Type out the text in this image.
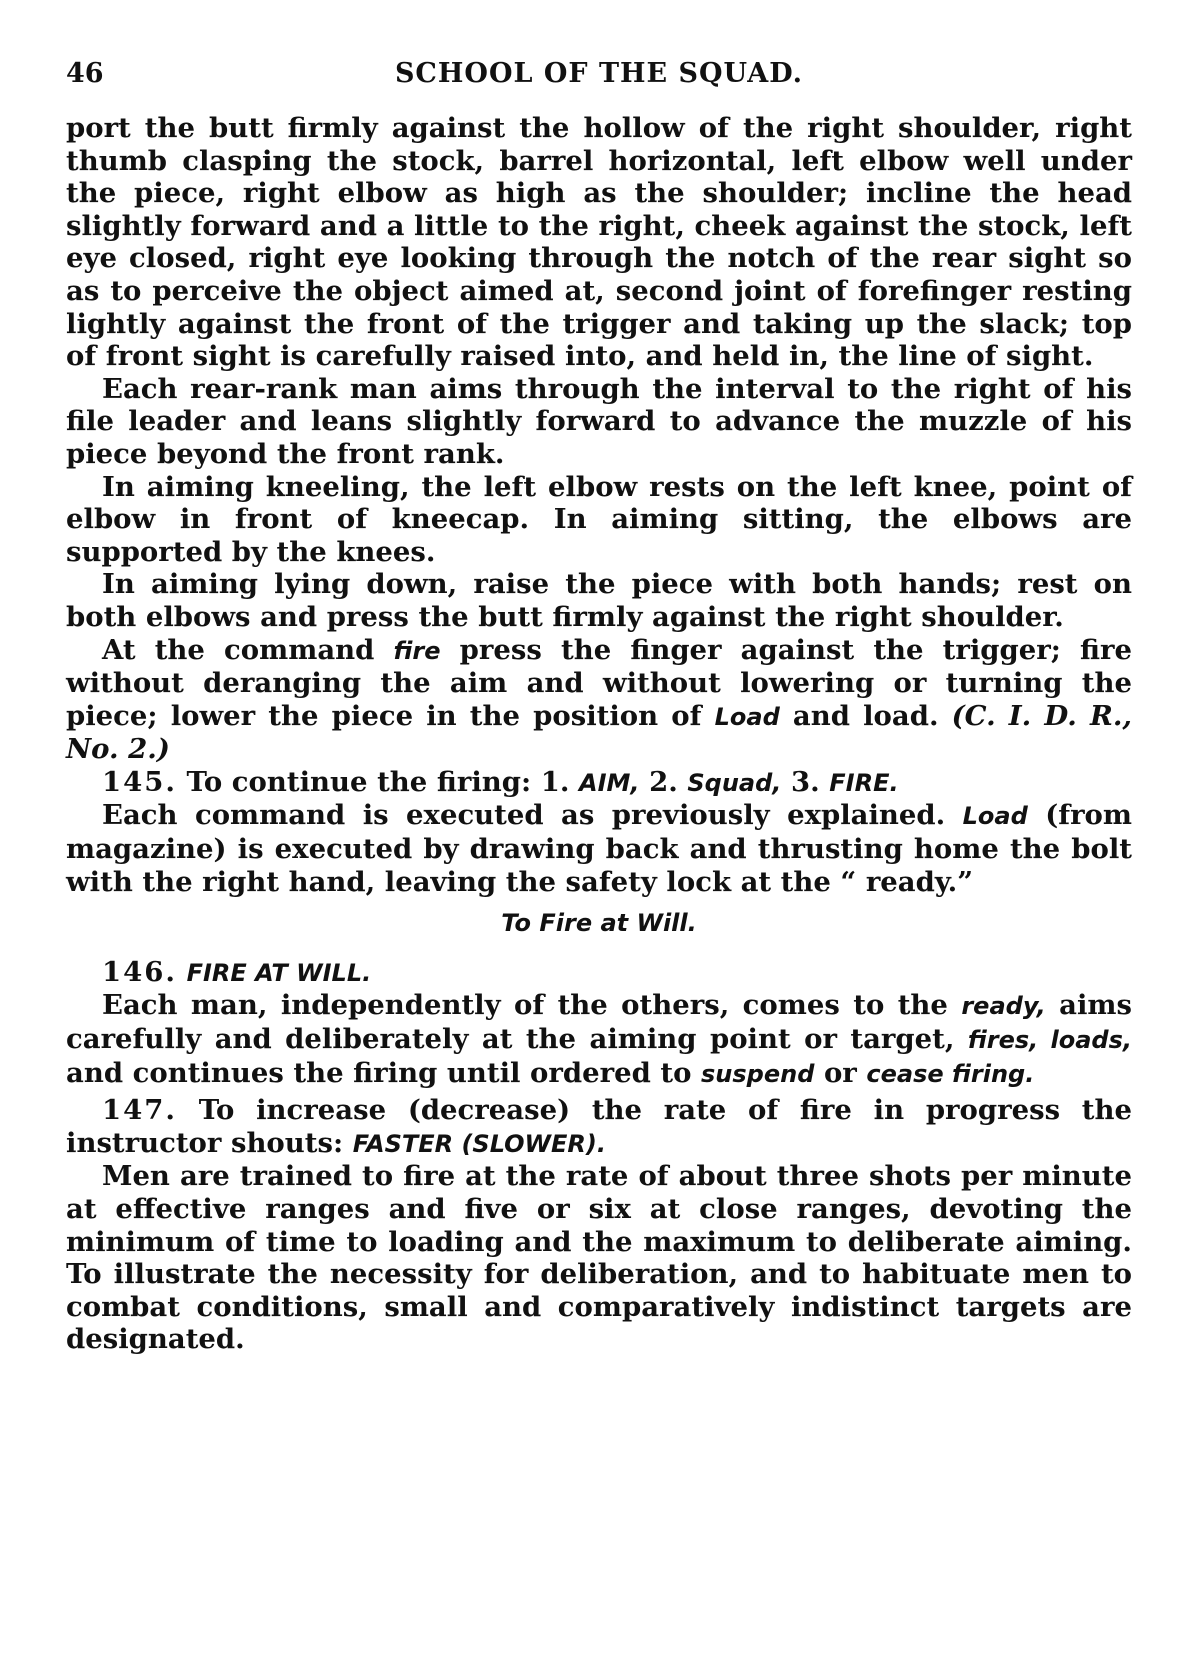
46	SCHOOL OF THE SQUAD.

port the butt firmly against the hollow of the right shoulder, right thumb clasping the stock, barrel horizontal, left elbow well under the piece, right elbow as high as the shoulder; incline the head slightly forward and a little to the right, cheek against the stock, left eye closed, right eye looking through the notch of the rear sight so as to perceive the object aimed at, second joint of forefinger resting lightly against the front of the trigger and taking up the slack; top of front sight is carefully raised into, and held in, the line of sight.

Each rear-rank man aims through the interval to the right of his file leader and leans slightly forward to advance the muzzle of his piece beyond the front rank.

In aiming kneeling, the left elbow rests on the left knee, point of elbow in front of kneecap. In aiming sitting, the elbows are supported by the knees.

In aiming lying down, raise the piece with both hands; rest on both elbows and press the butt firmly against the right shoulder.

At the command fire press the finger against the trigger; fire without deranging the aim and without lowering or turning the piece; lower the piece in the position of Load and load. (C. I. D. R., No. 2.)

145. To continue the firing: 1. AIM, 2. Squad, 3. FIRE.

Each command is executed as previously explained. Load (from magazine) is executed by drawing back and thrusting home the bolt with the right hand, leaving the safety lock at the “ ready.”

To Fire at Will.

146. FIRE AT WILL.

Each man, independently of the others, comes to the ready, aims carefully and deliberately at the aiming point or target, fires, loads, and continues the firing until ordered to suspend or cease firing.

147. To increase (decrease) the rate of fire in progress the instructor shouts: FASTER (SLOWER).

Men are trained to fire at the rate of about three shots per minute at effective ranges and five or six at close ranges, devoting the minimum of time to loading and the maximum to deliberate aiming. To illustrate the necessity for deliberation, and to habituate men to combat conditions, small and comparatively indistinct targets are designated.
